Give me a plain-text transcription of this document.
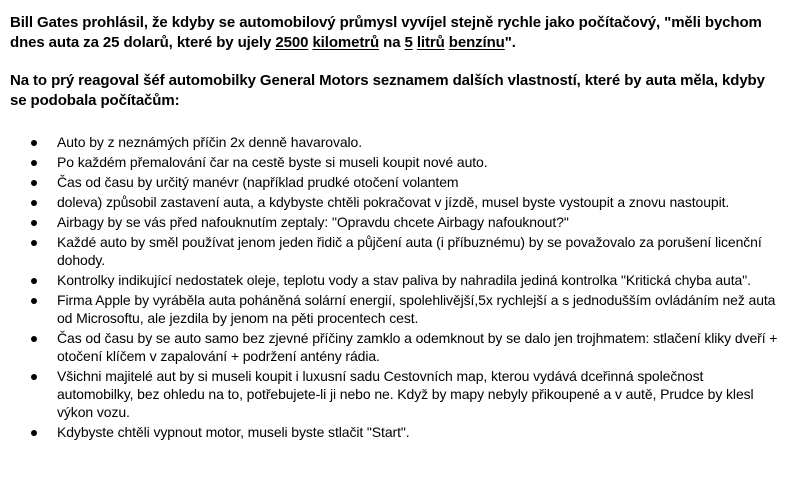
Bill Gates prohlásil, že kdyby se automobilový průmysl vyvíjel stejně rychle jako počítačový, "měli bychom dnes auta za 25 dolarů, které by ujely 2500 kilometrů na 5 litrů benzínu".

Na to prý reagoval šéf automobilky General Motors seznamem dalších vlastností, které by auta měla, kdyby se podobala počítačům:

Auto by z neznámých příčin 2x denně havarovalo.
Po každém přemalování čar na cestě byste si museli koupit nové auto.
Čas od času by určitý manévr (například prudké otočení volantem
doleva) způsobil zastavení auta, a kdybyste chtěli pokračovat v jízdě, musel byste vystoupit a znovu nastoupit.
Airbagy by se vás před nafouknutím zeptaly: "Opravdu chcete Airbagy nafouknout?"
Každé auto by směl používat jenom jeden řidič a půjčení auta (i příbuznému) by se považovalo za porušení licenční dohody.
Kontrolky indikující nedostatek oleje, teplotu vody a stav paliva by nahradila jediná kontrolka "Kritická chyba auta".
Firma Apple by vyráběla auta poháněná solární energií, spolehlivější,5x rychlejší a s jednodušším ovládáním než auta od Microsoftu, ale jezdila by jenom na pěti procentech cest.
Čas od času by se auto samo bez zjevné příčiny zamklo a odemknout by se dalo jen trojhmatem: stlačení kliky dveří + otočení klíčem v zapalování + podržení antény rádia.
Všichni majitelé aut by si museli koupit i luxusní sadu Cestovních map, kterou vydává dceřinná společnost automobilky, bez ohledu na to, potřebujete-li ji nebo ne. Když by mapy nebyly přikoupené a v autě, Prudce by klesl výkon vozu.
Kdybyste chtěli vypnout motor, museli byste stlačit "Start".
